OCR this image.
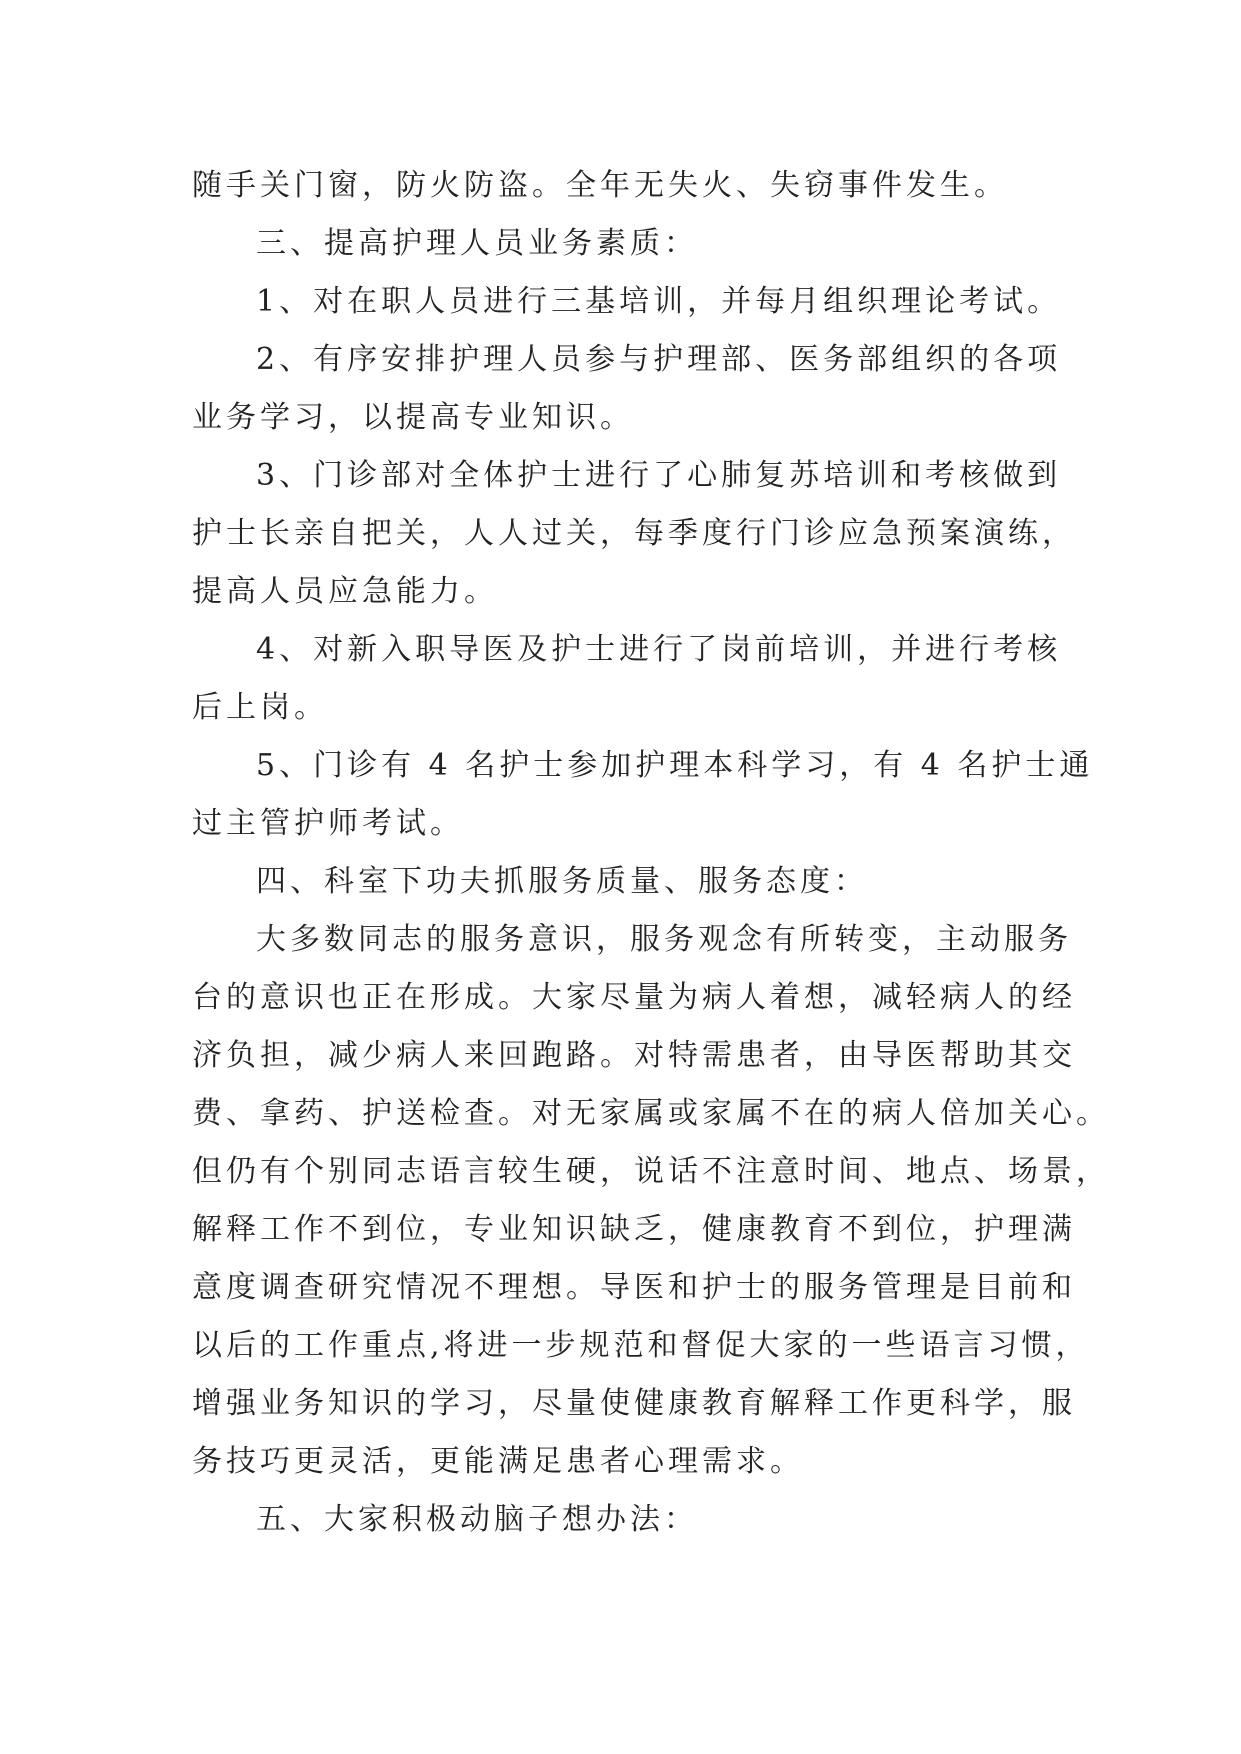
随手关门窗，防火防盗。全年无失火、失窃事件发生。
三、提高护理人员业务素质：
1、对在职人员进行三基培训，并每月组织理论考试。
2、有序安排护理人员参与护理部、医务部组织的各项
业务学习，以提高专业知识。
3、门诊部对全体护士进行了心肺复苏培训和考核做到
护士长亲自把关，人人过关，每季度行门诊应急预案演练，
提高人员应急能力。
4、对新入职导医及护士进行了岗前培训，并进行考核
后上岗。
5、门诊有 4 名护士参加护理本科学习，有 4 名护士通
过主管护师考试。
四、科室下功夫抓服务质量、服务态度：
大多数同志的服务意识，服务观念有所转变，主动服务
台的意识也正在形成。大家尽量为病人着想，减轻病人的经
济负担，减少病人来回跑路。对特需患者，由导医帮助其交
费、拿药、护送检查。对无家属或家属不在的病人倍加关心。
但仍有个别同志语言较生硬，说话不注意时间、地点、场景，
解释工作不到位，专业知识缺乏，健康教育不到位，护理满
意度调查研究情况不理想。导医和护士的服务管理是目前和
以后的工作重点,将进一步规范和督促大家的一些语言习惯，
增强业务知识的学习，尽量使健康教育解释工作更科学，服
务技巧更灵活，更能满足患者心理需求。
五、大家积极动脑子想办法：
